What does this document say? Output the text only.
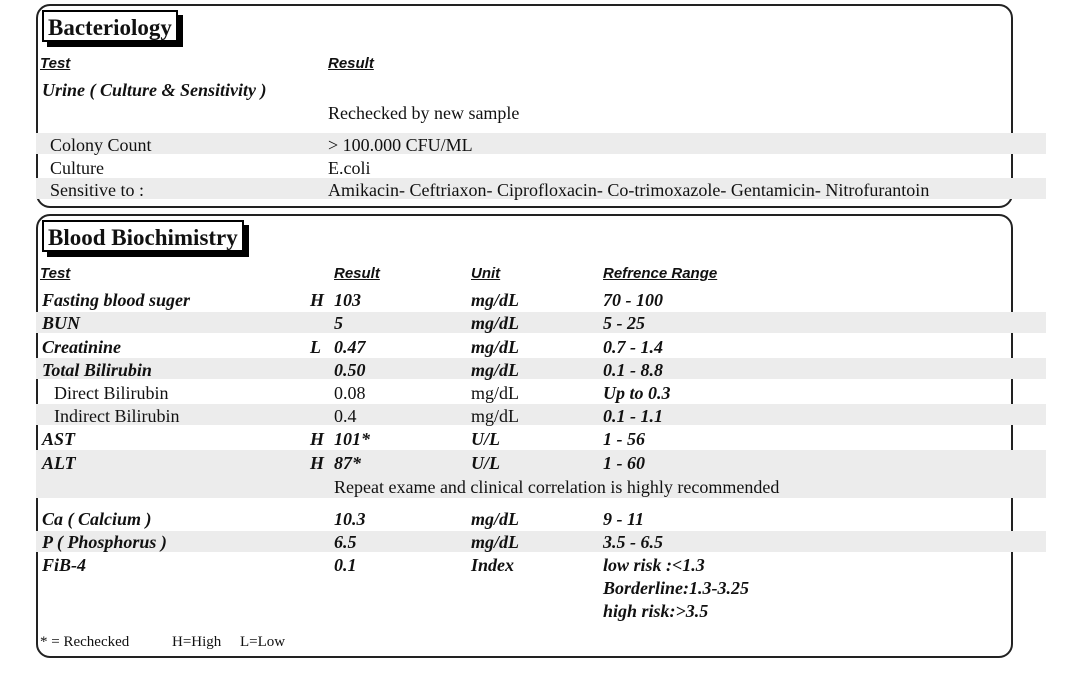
Bacteriology
Test	Result
Urine ( Culture & Sensitivity )
Rechecked by new sample
Colony Count	> 100.000 CFU/ML
Culture	E.coli
Sensitive to :	Amikacin- Ceftriaxon- Ciprofloxacin- Co-trimoxazole- Gentamicin- Nitrofurantoin
Blood Biochimistry
Test	Result	Unit	Refrence Range
Fasting blood suger	H 103	mg/dL	70 - 100
BUN	5	mg/dL	5 - 25
Creatinine	L 0.47	mg/dL	0.7 - 1.4
Total Bilirubin	0.50	mg/dL	0.1 - 8.8
Direct Bilirubin	0.08	mg/dL	Up to 0.3
Indirect Bilirubin	0.4	mg/dL	0.1 - 1.1
AST	H 101*	U/L	1 - 56
ALT	H 87*	U/L	1 - 60
Repeat exame and clinical correlation is highly recommended
Ca ( Calcium )	10.3	mg/dL	9 - 11
P ( Phosphorus )	6.5	mg/dL	3.5 - 6.5
FiB-4	0.1	Index	low risk :<1.3
Borderline:1.3-3.25
high risk:>3.5
* = Rechecked	H=High L=Low
